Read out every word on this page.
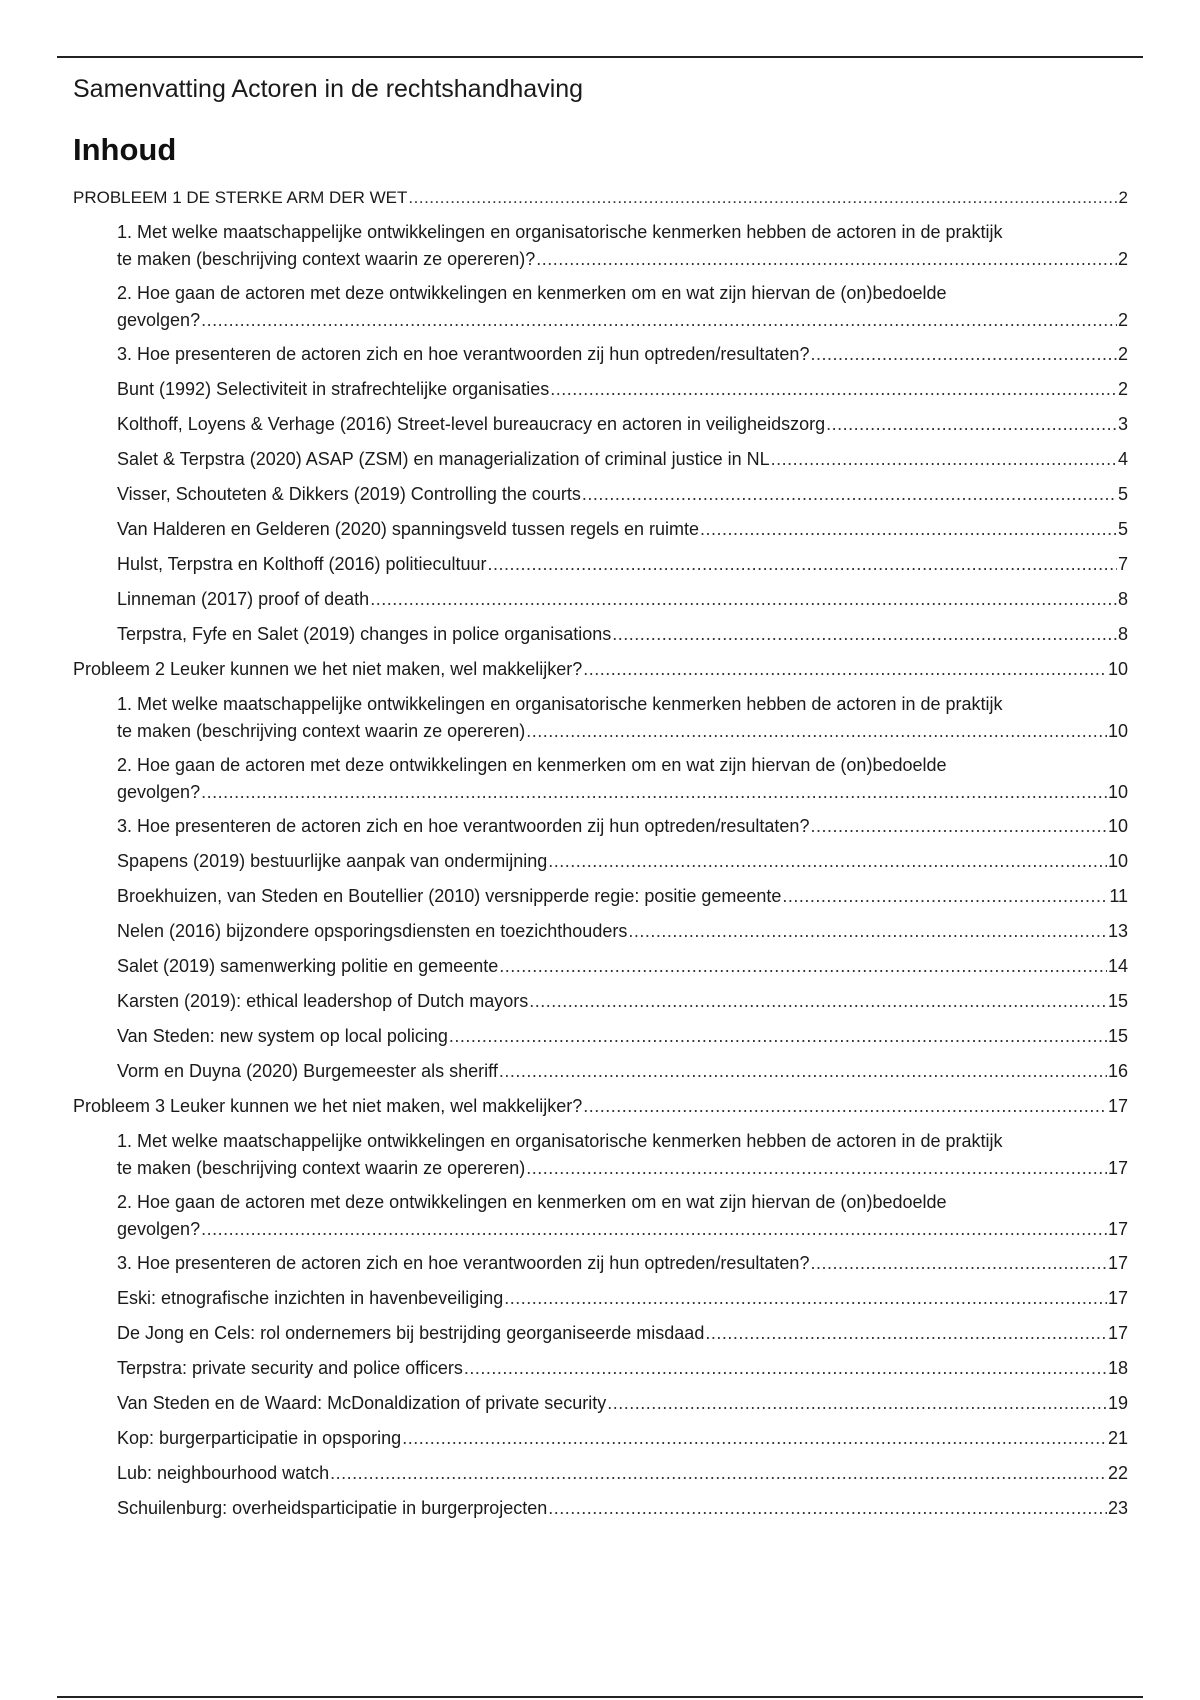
Samenvatting Actoren in de rechtshandhaving
Inhoud
PROBLEEM 1 DE STERKE ARM DER WET .....	2
1. Met welke maatschappelijke ontwikkelingen en organisatorische kenmerken hebben de actoren in de praktijk
te maken (beschrijving context waarin ze opereren)? .....	2
2. Hoe gaan de actoren met deze ontwikkelingen en kenmerken om en wat zijn hiervan de (on)bedoelde
gevolgen? .....	2
3. Hoe presenteren de actoren zich en hoe verantwoorden zij hun optreden/resultaten? .....	2
Bunt (1992) Selectiviteit in strafrechtelijke organisaties .....	2
Kolthoff, Loyens & Verhage (2016) Street-level bureaucracy en actoren in veiligheidszorg .....	3
Salet & Terpstra (2020) ASAP (ZSM) en managerialization of criminal justice in NL .....	4
Visser, Schouteten & Dikkers (2019) Controlling the courts .....	5
Van Halderen en Gelderen (2020) spanningsveld tussen regels en ruimte .....	5
Hulst, Terpstra en Kolthoff (2016) politiecultuur .....	7
Linneman (2017) proof of death .....	8
Terpstra, Fyfe en Salet (2019) changes in police organisations .....	8
Probleem 2 Leuker kunnen we het niet maken, wel makkelijker? .....	10
1. Met welke maatschappelijke ontwikkelingen en organisatorische kenmerken hebben de actoren in de praktijk
te maken (beschrijving context waarin ze opereren) .....	10
2. Hoe gaan de actoren met deze ontwikkelingen en kenmerken om en wat zijn hiervan de (on)bedoelde
gevolgen? .....	10
3. Hoe presenteren de actoren zich en hoe verantwoorden zij hun optreden/resultaten? .....	10
Spapens (2019) bestuurlijke aanpak van ondermijning .....	10
Broekhuizen, van Steden en Boutellier (2010) versnipperde regie: positie gemeente .....	11
Nelen (2016) bijzondere opsporingsdiensten en toezichthouders .....	13
Salet (2019) samenwerking politie en gemeente .....	14
Karsten (2019): ethical leadershop of Dutch mayors .....	15
Van Steden: new system op local policing .....	15
Vorm en Duyna (2020) Burgemeester als sheriff .....	16
Probleem 3 Leuker kunnen we het niet maken, wel makkelijker? .....	17
1. Met welke maatschappelijke ontwikkelingen en organisatorische kenmerken hebben de actoren in de praktijk
te maken (beschrijving context waarin ze opereren) .....	17
2. Hoe gaan de actoren met deze ontwikkelingen en kenmerken om en wat zijn hiervan de (on)bedoelde
gevolgen? .....	17
3. Hoe presenteren de actoren zich en hoe verantwoorden zij hun optreden/resultaten? .....	17
Eski: etnografische inzichten in havenbeveiliging .....	17
De Jong en Cels: rol ondernemers bij bestrijding georganiseerde misdaad .....	17
Terpstra: private security and police officers .....	18
Van Steden en de Waard: McDonaldization of private security .....	19
Kop: burgerparticipatie in opsporing .....	21
Lub: neighbourhood watch .....	22
Schuilenburg: overheidsparticipatie in burgerprojecten .....	23
